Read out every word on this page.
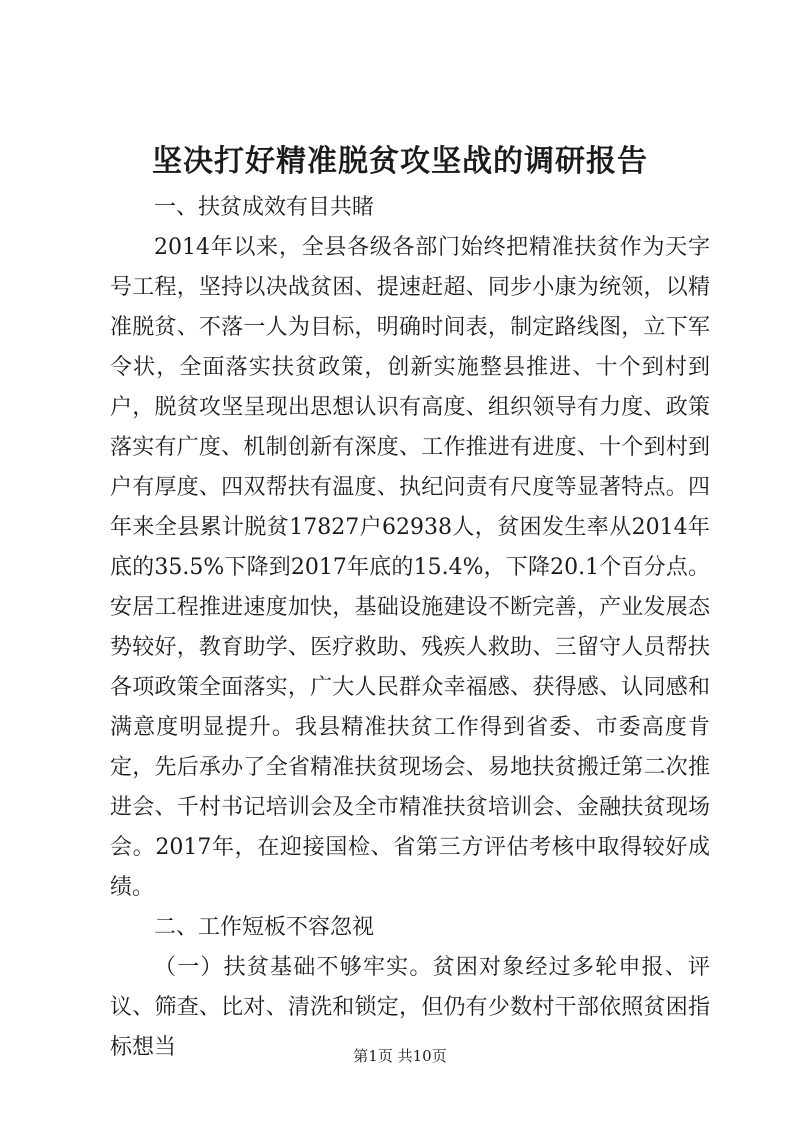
坚决打好精准脱贫攻坚战的调研报告

一、扶贫成效有目共睹

2014年以来，全县各级各部门始终把精准扶贫作为天字号工程，坚持以决战贫困、提速赶超、同步小康为统领，以精准脱贫、不落一人为目标，明确时间表，制定路线图，立下军令状，全面落实扶贫政策，创新实施整县推进、十个到村到户，脱贫攻坚呈现出思想认识有高度、组织领导有力度、政策落实有广度、机制创新有深度、工作推进有进度、十个到村到户有厚度、四双帮扶有温度、执纪问责有尺度等显著特点。四年来全县累计脱贫17827户62938人，贫困发生率从2014年底的35.5%下降到2017年底的15.4%，下降20.1个百分点。安居工程推进速度加快，基础设施建设不断完善，产业发展态势较好，教育助学、医疗救助、残疾人救助、三留守人员帮扶各项政策全面落实，广大人民群众幸福感、获得感、认同感和满意度明显提升。我县精准扶贫工作得到省委、市委高度肯定，先后承办了全省精准扶贫现场会、易地扶贫搬迁第二次推进会、千村书记培训会及全市精准扶贫培训会、金融扶贫现场会。2017年，在迎接国检、省第三方评估考核中取得较好成绩。

二、工作短板不容忽视

（一）扶贫基础不够牢实。贫困对象经过多轮申报、评议、筛查、比对、清洗和锁定，但仍有少数村干部依照贫困指标想当	第1页 共10页
